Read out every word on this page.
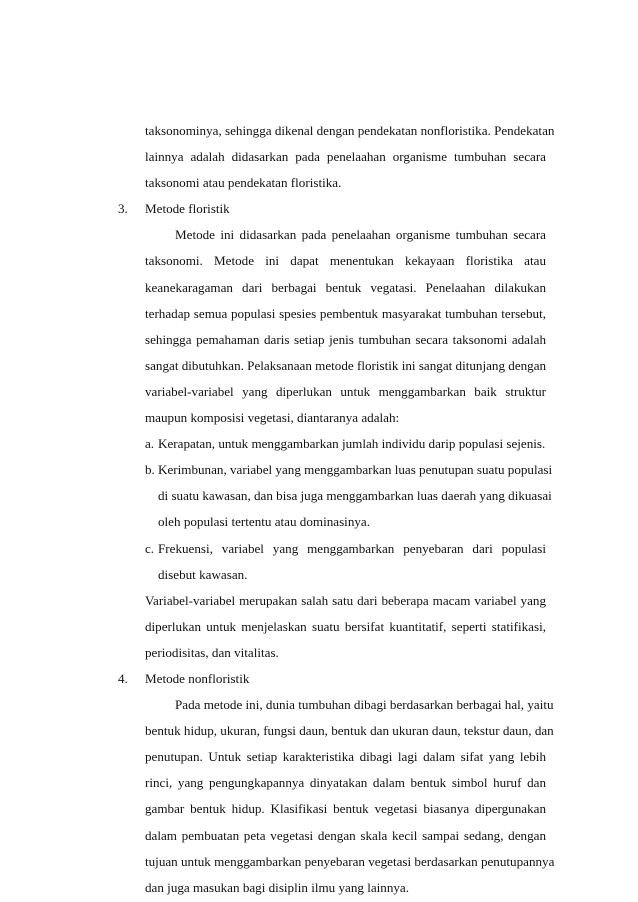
taksonominya, sehingga dikenal dengan pendekatan nonfloristika. Pendekatan
lainnya adalah didasarkan pada penelaahan organisme tumbuhan secara
taksonomi atau pendekatan floristika.
3.	Metode floristik
Metode ini didasarkan pada penelaahan organisme tumbuhan secara
taksonomi. Metode ini dapat menentukan kekayaan floristika atau
keanekaragaman dari berbagai bentuk vegatasi. Penelaahan dilakukan
terhadap semua populasi spesies pembentuk masyarakat tumbuhan tersebut,
sehingga pemahaman daris setiap jenis tumbuhan secara taksonomi adalah
sangat dibutuhkan. Pelaksanaan metode floristik ini sangat ditunjang dengan
variabel-variabel yang diperlukan untuk menggambarkan baik struktur
maupun komposisi vegetasi, diantaranya adalah:
a. Kerapatan, untuk menggambarkan jumlah individu darip populasi sejenis.
b. Kerimbunan, variabel yang menggambarkan luas penutupan suatu populasi
di suatu kawasan, dan bisa juga menggambarkan luas daerah yang dikuasai
oleh populasi tertentu atau dominasinya.
c. Frekuensi, variabel yang menggambarkan penyebaran dari populasi
disebut kawasan.
Variabel-variabel merupakan salah satu dari beberapa macam variabel yang
diperlukan untuk menjelaskan suatu bersifat kuantitatif, seperti statifikasi,
periodisitas, dan vitalitas.
4.	Metode nonfloristik
Pada metode ini, dunia tumbuhan dibagi berdasarkan berbagai hal, yaitu
bentuk hidup, ukuran, fungsi daun, bentuk dan ukuran daun, tekstur daun, dan
penutupan. Untuk setiap karakteristika dibagi lagi dalam sifat yang lebih
rinci, yang pengungkapannya dinyatakan dalam bentuk simbol huruf dan
gambar bentuk hidup. Klasifikasi bentuk vegetasi biasanya dipergunakan
dalam pembuatan peta vegetasi dengan skala kecil sampai sedang, dengan
tujuan untuk menggambarkan penyebaran vegetasi berdasarkan penutupannya
dan juga masukan bagi disiplin ilmu yang lainnya.
